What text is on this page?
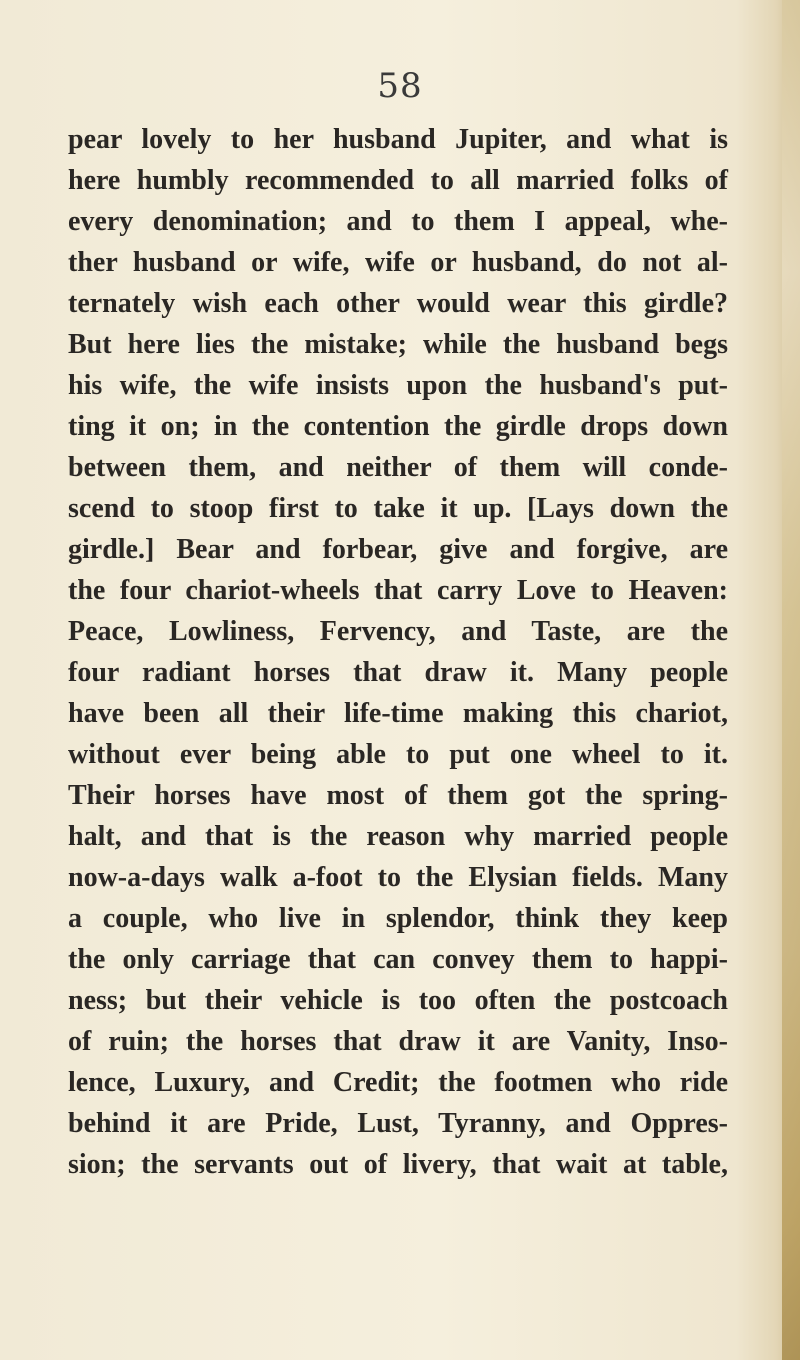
58
pear lovely to her husband Jupiter, and what is
here humbly recommended to all married folks of
every denomination; and to them I appeal, whe-
ther husband or wife, wife or husband, do not al-
ternately wish each other would wear this girdle?
But here lies the mistake; while the husband begs
his wife, the wife insists upon the husband's put-
ting it on; in the contention the girdle drops down
between them, and neither of them will conde-
scend to stoop first to take it up. [Lays down the
girdle.] Bear and forbear, give and forgive, are
the four chariot-wheels that carry Love to Heaven:
Peace, Lowliness, Fervency, and Taste, are the
four radiant horses that draw it. Many people
have been all their life-time making this chariot,
without ever being able to put one wheel to it.
Their horses have most of them got the spring-
halt, and that is the reason why married people
now-a-days walk a-foot to the Elysian fields. Many
a couple, who live in splendor, think they keep
the only carriage that can convey them to happi-
ness; but their vehicle is too often the postcoach
of ruin; the horses that draw it are Vanity, Inso-
lence, Luxury, and Credit; the footmen who ride
behind it are Pride, Lust, Tyranny, and Oppres-
sion; the servants out of livery, that wait at table,
